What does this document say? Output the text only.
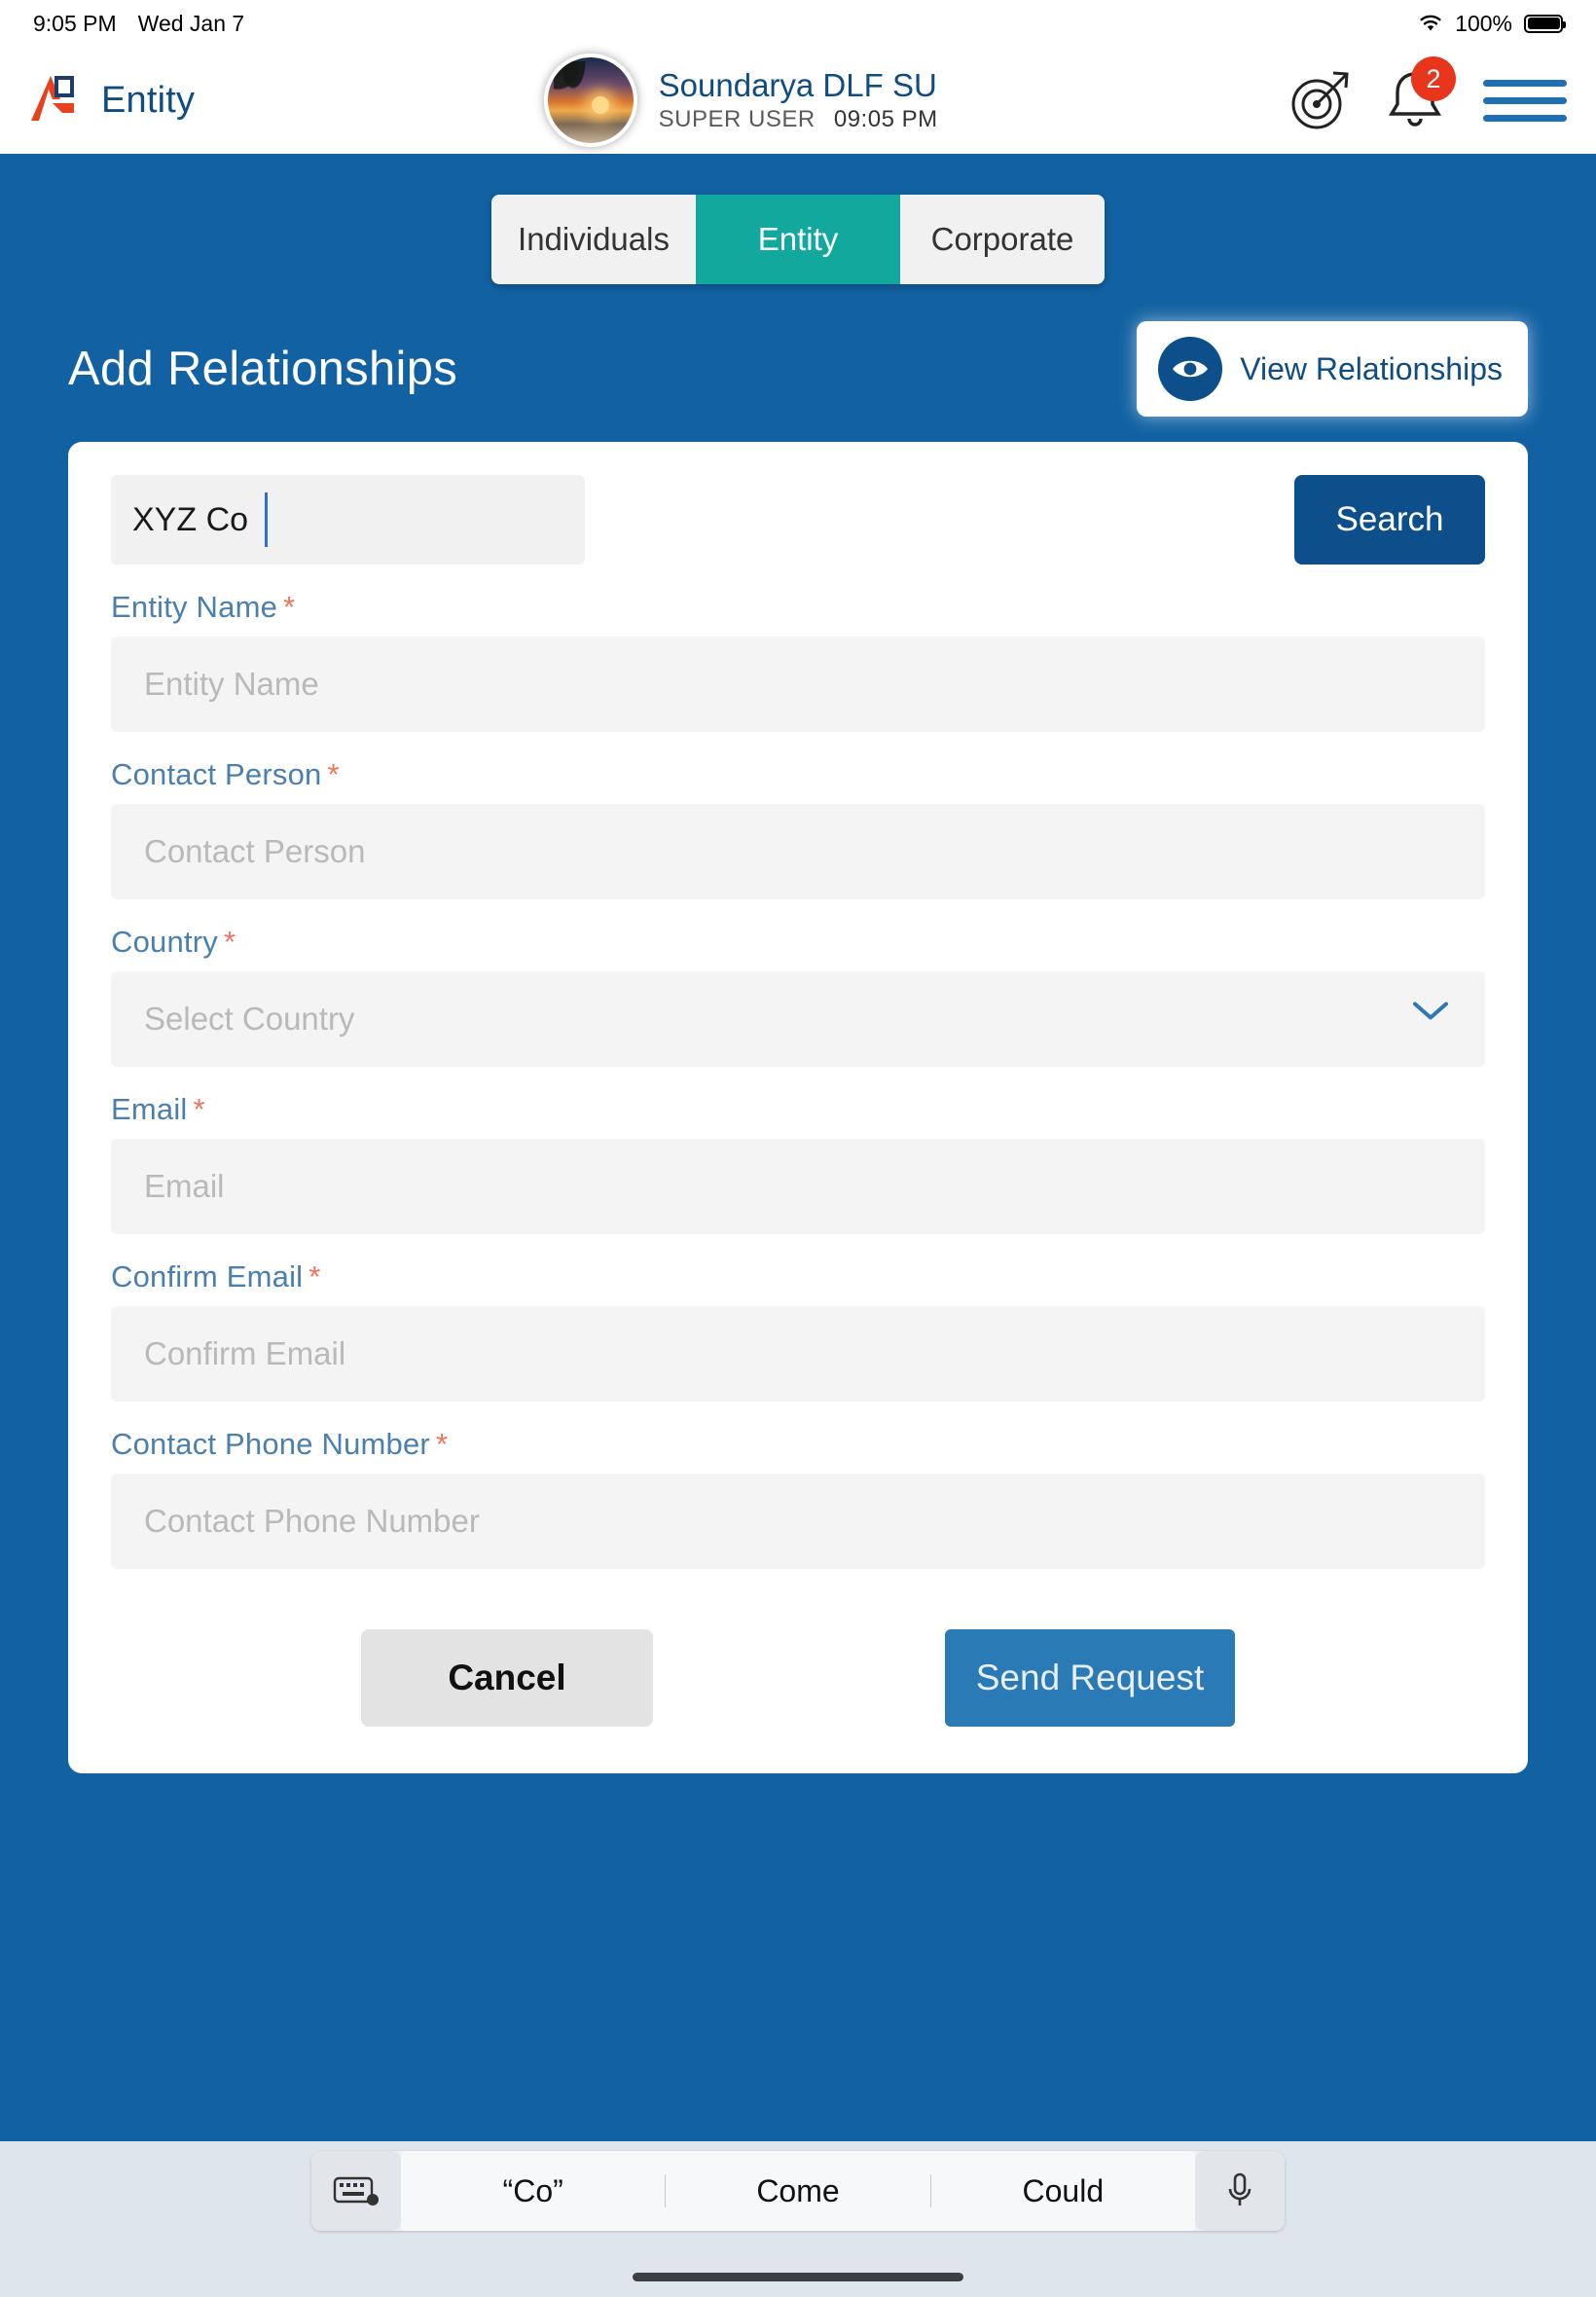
9:05 PM Wed Jan 7	100%
Entity	Soundarya DLF SU
SUPER USER 09:05 PM
2
Individuals	Entity	Corporate
Add Relationships	View Relationships
XYZ Co
Search
Entity Name *
Entity Name
Contact Person *
Contact Person
Country *
Select Country
Email *
Email
Confirm Email *
Confirm Email
Contact Phone Number *
Contact Phone Number
Cancel	Send Request
“Co”	Come	Could
